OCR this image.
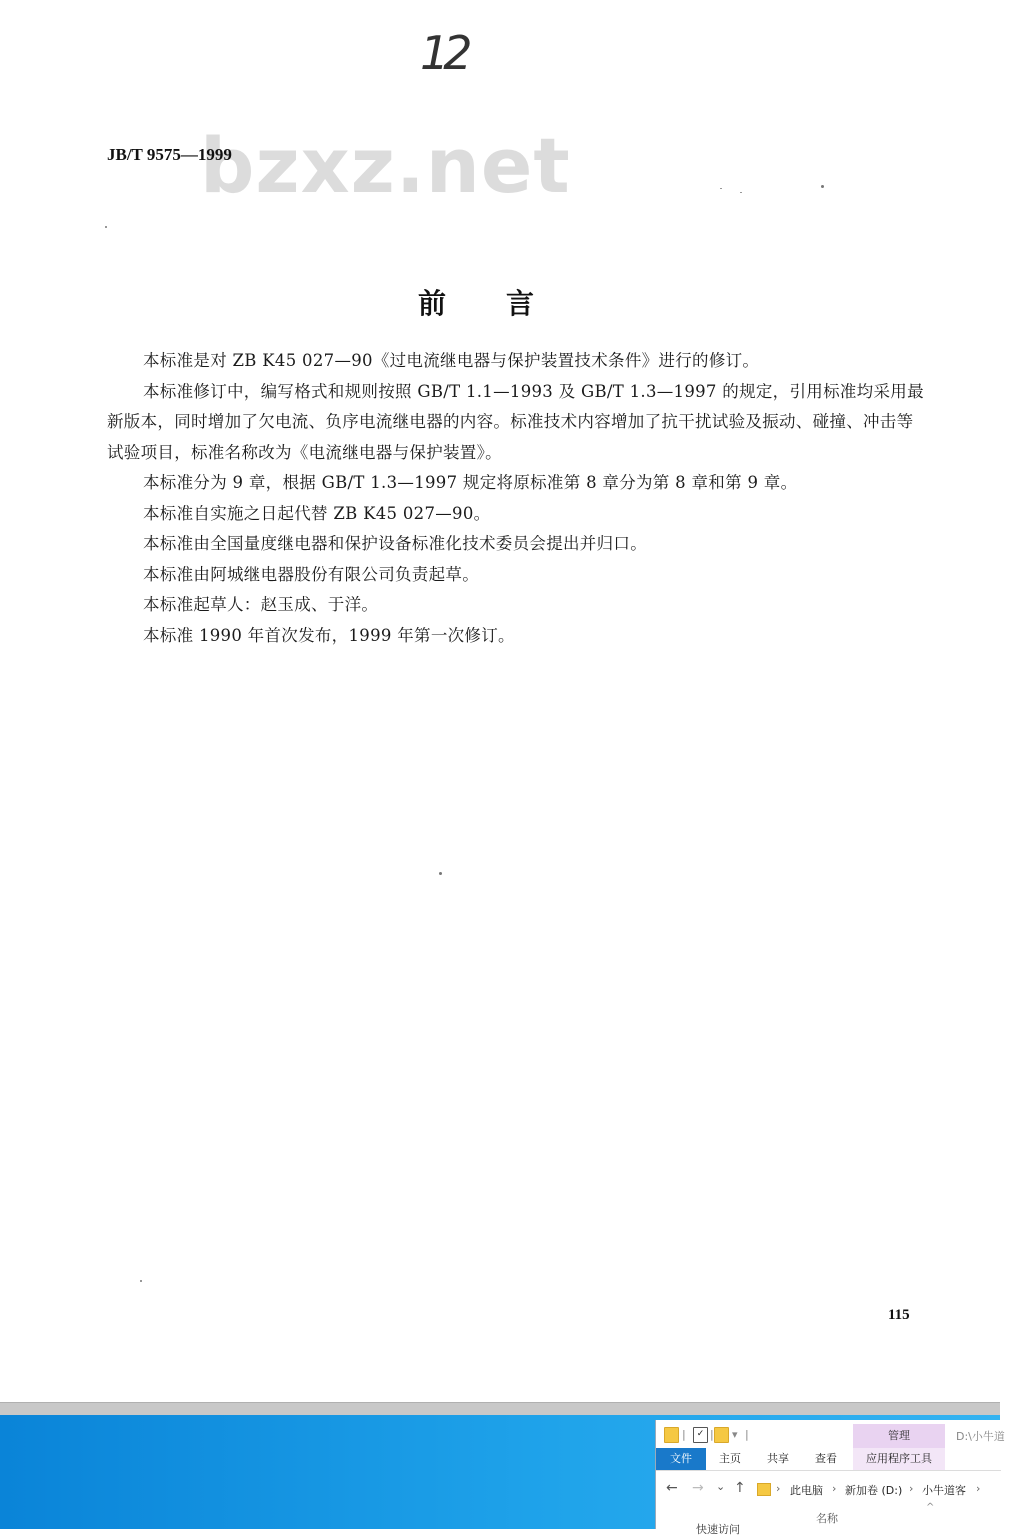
12
bzxz.net
JB/T 9575—1999
前言

本标准是对 ZB K45 027—90《过电流继电器与保护装置技术条件》进行的修订。

本标准修订中，编写格式和规则按照 GB/T 1.1—1993 及 GB/T 1.3—1997 的规定，引用标准均采用最新版本，同时增加了欠电流、负序电流继电器的内容。标准技术内容增加了抗干扰试验及振动、碰撞、冲击等试验项目，标准名称改为《电流继电器与保护装置》。

本标准分为 9 章，根据 GB/T 1.3—1997 规定将原标准第 8 章分为第 8 章和第 9 章。

本标准自实施之日起代替 ZB K45 027—90。

本标准由全国量度继电器和保护设备标准化技术委员会提出并归口。

本标准由阿城继电器股份有限公司负责起草。

本标准起草人：赵玉成、于洋。

本标准 1990 年首次发布，1999 年第一次修订。

115
|	✓ | ▾ |	管理	D:\小牛道
文件	主页	共享	查看	应用程序工具
← → ⌄ ↑	› 此电脑 › 新加卷 (D:) › 小牛道客 ›
^
名称
快速访问
